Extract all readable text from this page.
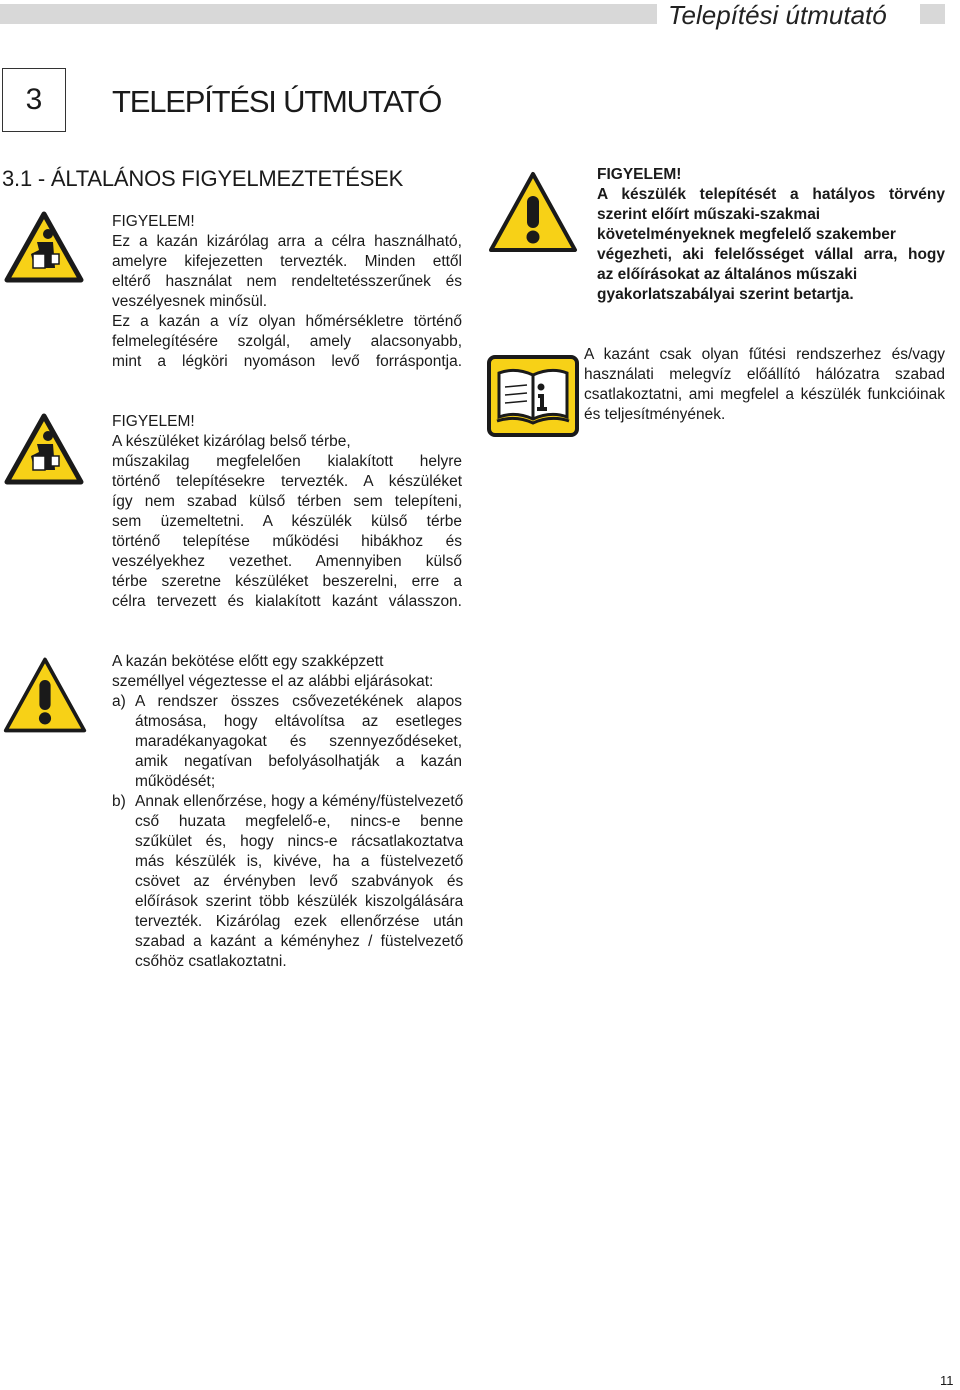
Telepítési útmutató
3 TELEPÍTÉSI ÚTMUTATÓ
3.1 - ÁLTALÁNOS FIGYELMEZTETÉSEK
FIGYELEM!
Ez a kazán kizárólag arra a célra használható,
amelyre kifejezetten tervezték. Minden ettől
eltérő használat nem rendeltetésszerűnek és
veszélyesnek minősül.
Ez a kazán a víz olyan hőmérsékletre történő
felmelegítésére szolgál, amely alacsonyabb,
mint a légköri nyomáson levő forráspontja.
FIGYELEM!
A készüléket kizárólag belső térbe,
műszakilag megfelelően kialakított helyre
történő telepítésekre tervezték. A készüléket
így nem szabad külső térben sem telepíteni,
sem üzemeltetni. A készülék külső térbe
történő telepítése működési hibákhoz és
veszélyekhez vezethet. Amennyiben külső
térbe szeretne készüléket beszerelni, erre a
célra tervezett és kialakított kazánt válasszon.
FIGYELEM!
A készülék telepítését a hatályos törvény
szerint előírt műszaki-szakmai
követelményeknek megfelelő szakember
végezheti, aki felelősséget vállal arra, hogy
az előírásokat az általános műszaki
gyakorlatszabályai szerint betartja.
A kazánt csak olyan fűtési rendszerhez és/vagy
használati melegvíz előállító hálózatra szabad
csatlakoztatni, ami megfelel a készülék funkcióinak
és teljesítményének.
A kazán bekötése előtt egy szakképzett
személlyel végeztesse el az alábbi eljárásokat:
a) A rendszer összes csővezetékének alapos
átmosása, hogy eltávolítsa az esetleges
maradékanyagokat és szennyeződéseket,
amik negatívan befolyásolhatják a kazán
működését;
b) Annak ellenőrzése, hogy a kémény/füstelvezető
cső huzata megfelelő-e, nincs-e benne
szűkület és, hogy nincs-e rácsatlakoztatva
más készülék is, kivéve, ha a füstelvezető
csövet az érvényben levő szabványok és
előírások szerint több készülék kiszolgálására
tervezték. Kizárólag ezek ellenőrzése után
szabad a kazánt a kéményhez / füstelvezető
csőhöz csatlakoztatni.
11
